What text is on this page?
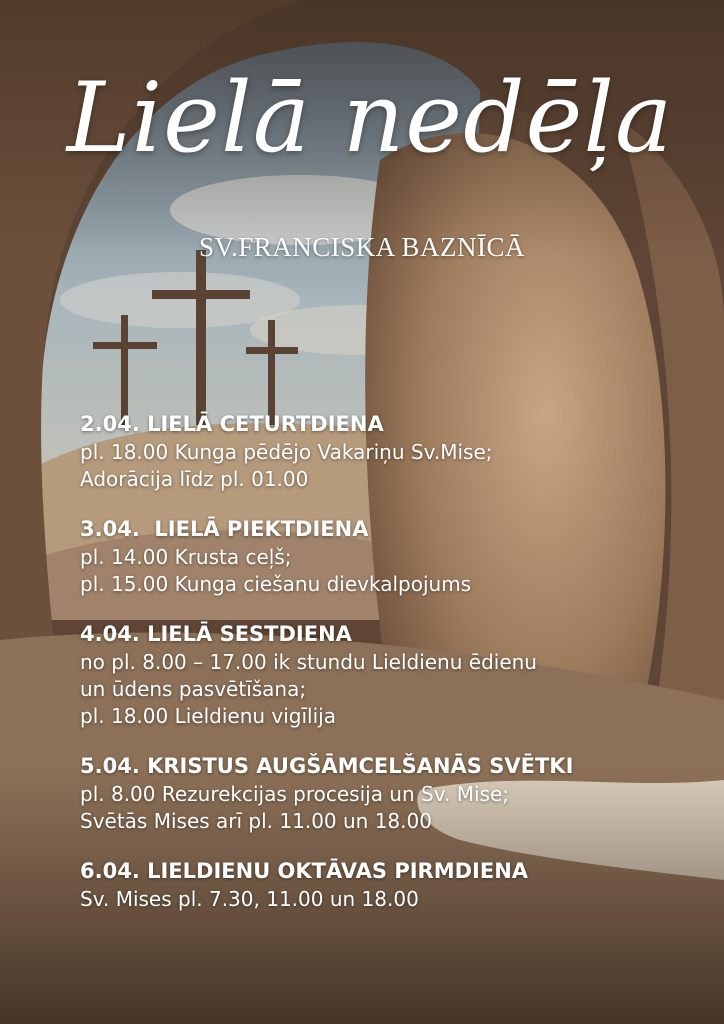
Lielā nedēļa
SV.FRANCISKA BAZNĪCĀ
2.04. LIELĀ CETURTDIENA
pl. 18.00 Kunga pēdējo Vakariņu Sv.Mise;
Adorācija līdz pl. 01.00
3.04.  LIELĀ PIEKTDIENA
pl. 14.00 Krusta ceļš;
pl. 15.00 Kunga ciešanu dievkalpojums
4.04. LIELĀ SESTDIENA
no pl. 8.00 – 17.00 ik stundu Lieldienu ēdienu
un ūdens pasvētīšana;
pl. 18.00 Lieldienu vigīlija
5.04. KRISTUS AUGŠĀMCELŠANĀS SVĒTKI
pl. 8.00 Rezurekcijas procesija un Sv. Mise;
Svētās Mises arī pl. 11.00 un 18.00
6.04. LIELDIENU OKTĀVAS PIRMDIENA
Sv. Mises pl. 7.30, 11.00 un 18.00
